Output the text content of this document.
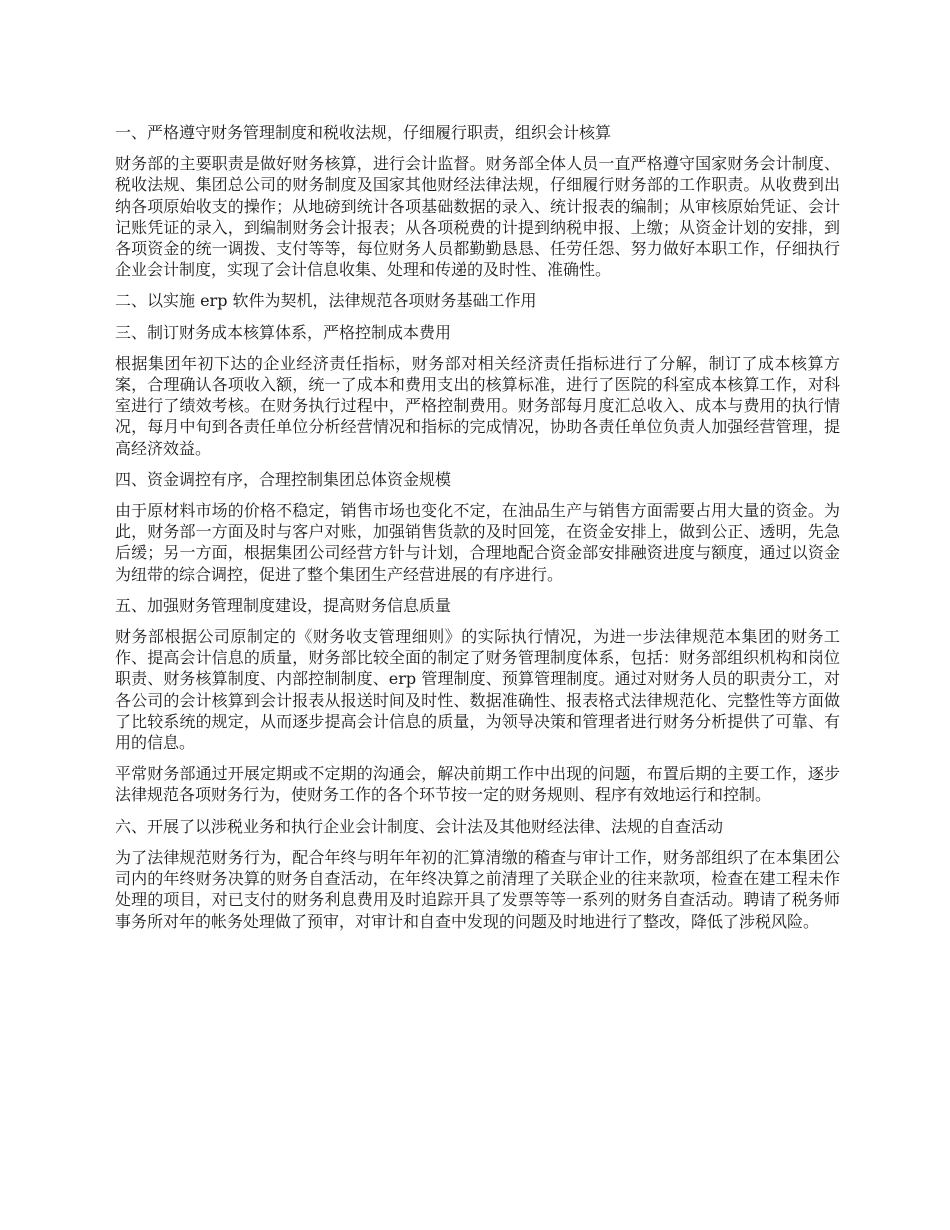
一、严格遵守财务管理制度和税收法规，仔细履行职责，组织会计核算
财务部的主要职责是做好财务核算，进行会计监督。财务部全体人员一直严格遵守国家财务会计制度、税收法规、集团总公司的财务制度及国家其他财经法律法规，仔细履行财务部的工作职责。从收费到出纳各项原始收支的操作；从地磅到统计各项基础数据的录入、统计报表的编制；从审核原始凭证、会计记账凭证的录入，到编制财务会计报表；从各项税费的计提到纳税申报、上缴；从资金计划的安排，到各项资金的统一调拨、支付等等，每位财务人员都勤勤恳恳、任劳任怨、努力做好本职工作，仔细执行企业会计制度，实现了会计信息收集、处理和传递的及时性、准确性。
二、以实施 erp 软件为契机，法律规范各项财务基础工作用
三、制订财务成本核算体系，严格控制成本费用
根据集团年初下达的企业经济责任指标，财务部对相关经济责任指标进行了分解，制订了成本核算方案，合理确认各项收入额，统一了成本和费用支出的核算标准，进行了医院的科室成本核算工作，对科室进行了绩效考核。在财务执行过程中，严格控制费用。财务部每月度汇总收入、成本与费用的执行情况，每月中旬到各责任单位分析经营情况和指标的完成情况，协助各责任单位负责人加强经营管理，提高经济效益。
四、资金调控有序，合理控制集团总体资金规模
由于原材料市场的价格不稳定，销售市场也变化不定，在油品生产与销售方面需要占用大量的资金。为此，财务部一方面及时与客户对账，加强销售货款的及时回笼，在资金安排上，做到公正、透明，先急后缓；另一方面，根据集团公司经营方针与计划，合理地配合资金部安排融资进度与额度，通过以资金为纽带的综合调控，促进了整个集团生产经营进展的有序进行。
五、加强财务管理制度建设，提高财务信息质量
财务部根据公司原制定的《财务收支管理细则》的实际执行情况，为进一步法律规范本集团的财务工作、提高会计信息的质量，财务部比较全面的制定了财务管理制度体系，包括：财务部组织机构和岗位职责、财务核算制度、内部控制制度、erp 管理制度、预算管理制度。通过对财务人员的职责分工，对各公司的会计核算到会计报表从报送时间及时性、数据准确性、报表格式法律规范化、完整性等方面做了比较系统的规定，从而逐步提高会计信息的质量，为领导决策和管理者进行财务分析提供了可靠、有用的信息。
平常财务部通过开展定期或不定期的沟通会，解决前期工作中出现的问题，布置后期的主要工作，逐步法律规范各项财务行为，使财务工作的各个环节按一定的财务规则、程序有效地运行和控制。
六、开展了以涉税业务和执行企业会计制度、会计法及其他财经法律、法规的自查活动
为了法律规范财务行为，配合年终与明年年初的汇算清缴的稽查与审计工作，财务部组织了在本集团公司内的年终财务决算的财务自查活动，在年终决算之前清理了关联企业的往来款项，检查在建工程未作处理的项目，对已支付的财务利息费用及时追踪开具了发票等等一系列的财务自查活动。聘请了税务师事务所对年的帐务处理做了预审，对审计和自查中发现的问题及时地进行了整改，降低了涉税风险。
